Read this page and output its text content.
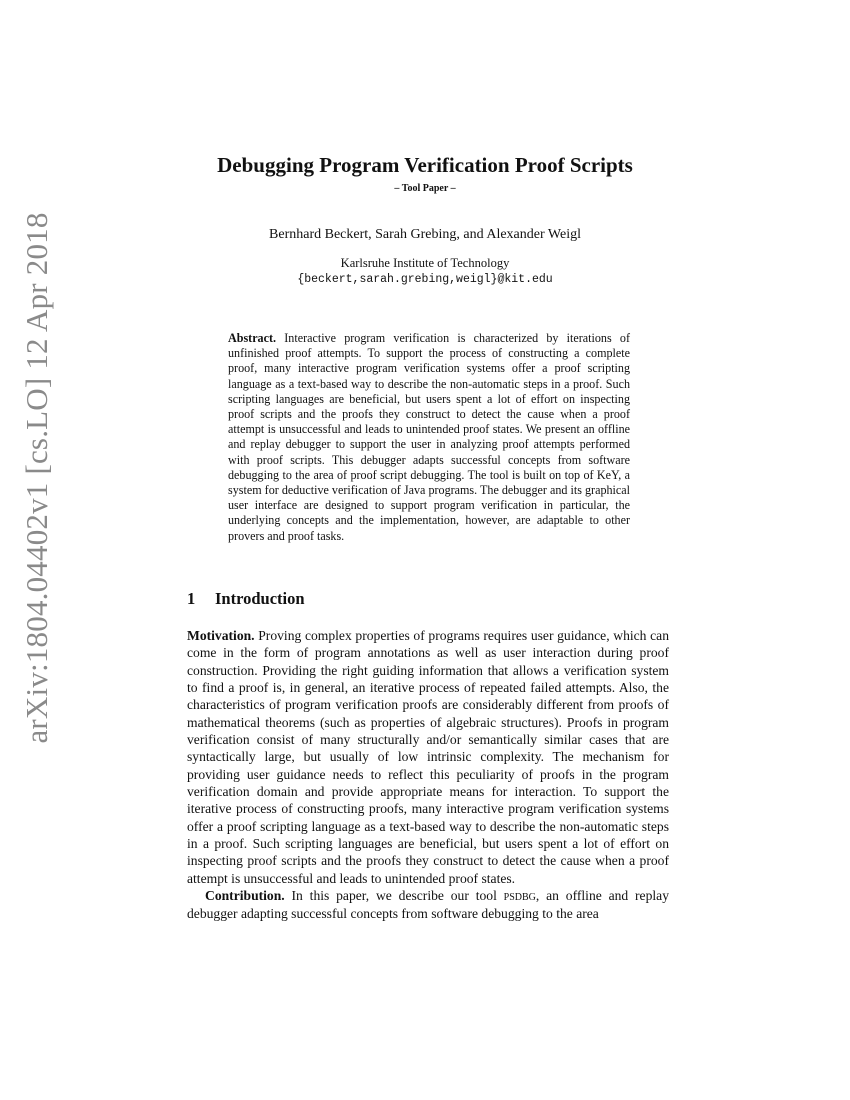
arXiv:1804.04402v1 [cs.LO] 12 Apr 2018
Debugging Program Verification Proof Scripts
– Tool Paper –
Bernhard Beckert, Sarah Grebing, and Alexander Weigl
Karlsruhe Institute of Technology
{beckert,sarah.grebing,weigl}@kit.edu
Abstract. Interactive program verification is characterized by iterations of unfinished proof attempts. To support the process of constructing a complete proof, many interactive program verification systems offer a proof scripting language as a text-based way to describe the non-automatic steps in a proof. Such scripting languages are beneficial, but users spent a lot of effort on inspecting proof scripts and the proofs they construct to detect the cause when a proof attempt is unsuccessful and leads to unintended proof states. We present an offline and replay debugger to support the user in analyzing proof attempts performed with proof scripts. This debugger adapts successful concepts from software debugging to the area of proof script debugging. The tool is built on top of KeY, a system for deductive verification of Java programs. The debugger and its graphical user interface are designed to support program verification in particular, the underlying concepts and the implementation, however, are adaptable to other provers and proof tasks.
1 Introduction

Motivation. Proving complex properties of programs requires user guidance, which can come in the form of program annotations as well as user interaction during proof construction. Providing the right guiding information that allows a verification system to find a proof is, in general, an iterative process of repeated failed attempts. Also, the characteristics of program verification proofs are considerably different from proofs of mathematical theorems (such as properties of algebraic structures). Proofs in program verification consist of many structurally and/or semantically similar cases that are syntactically large, but usually of low intrinsic complexity. The mechanism for providing user guidance needs to reflect this peculiarity of proofs in the program verification domain and provide appropriate means for interaction. To support the iterative process of constructing proofs, many interactive program verification systems offer a proof scripting language as a text-based way to describe the non-automatic steps in a proof. Such scripting languages are beneficial, but users spent a lot of effort on inspecting proof scripts and the proofs they construct to detect the cause when a proof attempt is unsuccessful and leads to unintended proof states.

Contribution. In this paper, we describe our tool psdbg, an offline and replay debugger adapting successful concepts from software debugging to the area
